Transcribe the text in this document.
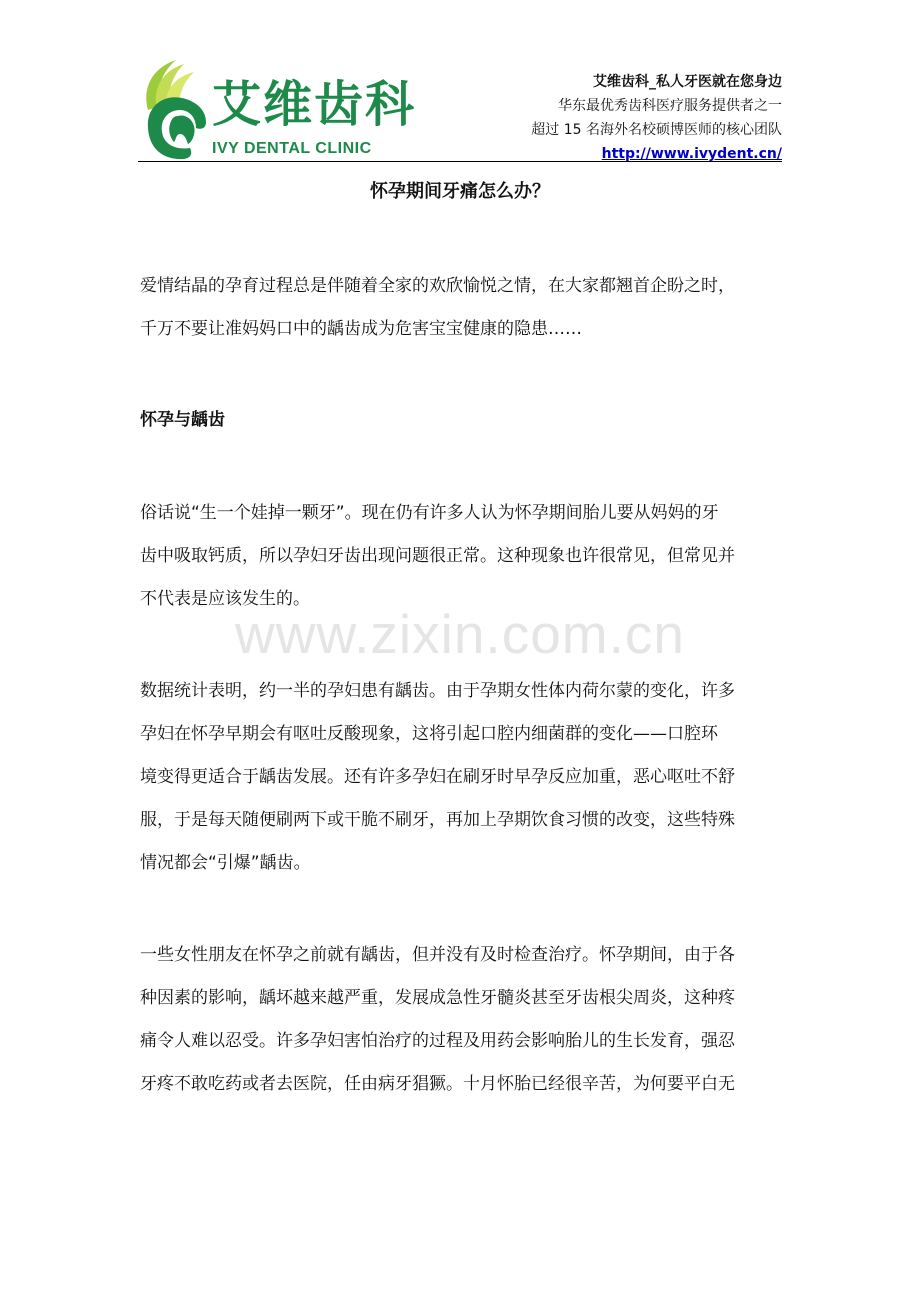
艾维齿科
IVY DENTAL CLINIC
艾维齿科_私人牙医就在您身边
华东最优秀齿科医疗服务提供者之一
超过 15 名海外名校硕博医师的核心团队
http://www.ivydent.cn/
怀孕期间牙痛怎么办？
www.zixin.com.cn

爱情结晶的孕育过程总是伴随着全家的欢欣愉悦之情，在大家都翘首企盼之时，

千万不要让准妈妈口中的龋齿成为危害宝宝健康的隐患……

怀孕与龋齿

俗话说“生一个娃掉一颗牙”。现在仍有许多人认为怀孕期间胎儿要从妈妈的牙

齿中吸取钙质，所以孕妇牙齿出现问题很正常。这种现象也许很常见，但常见并

不代表是应该发生的。

数据统计表明，约一半的孕妇患有龋齿。由于孕期女性体内荷尔蒙的变化，许多

孕妇在怀孕早期会有呕吐反酸现象，这将引起口腔内细菌群的变化——口腔环

境变得更适合于龋齿发展。还有许多孕妇在刷牙时早孕反应加重，恶心呕吐不舒

服，于是每天随便刷两下或干脆不刷牙，再加上孕期饮食习惯的改变，这些特殊

情况都会“引爆”龋齿。

一些女性朋友在怀孕之前就有龋齿，但并没有及时检查治疗。怀孕期间，由于各

种因素的影响，龋坏越来越严重，发展成急性牙髓炎甚至牙齿根尖周炎，这种疼

痛令人难以忍受。许多孕妇害怕治疗的过程及用药会影响胎儿的生长发育，强忍

牙疼不敢吃药或者去医院，任由病牙猖獗。十月怀胎已经很辛苦，为何要平白无
